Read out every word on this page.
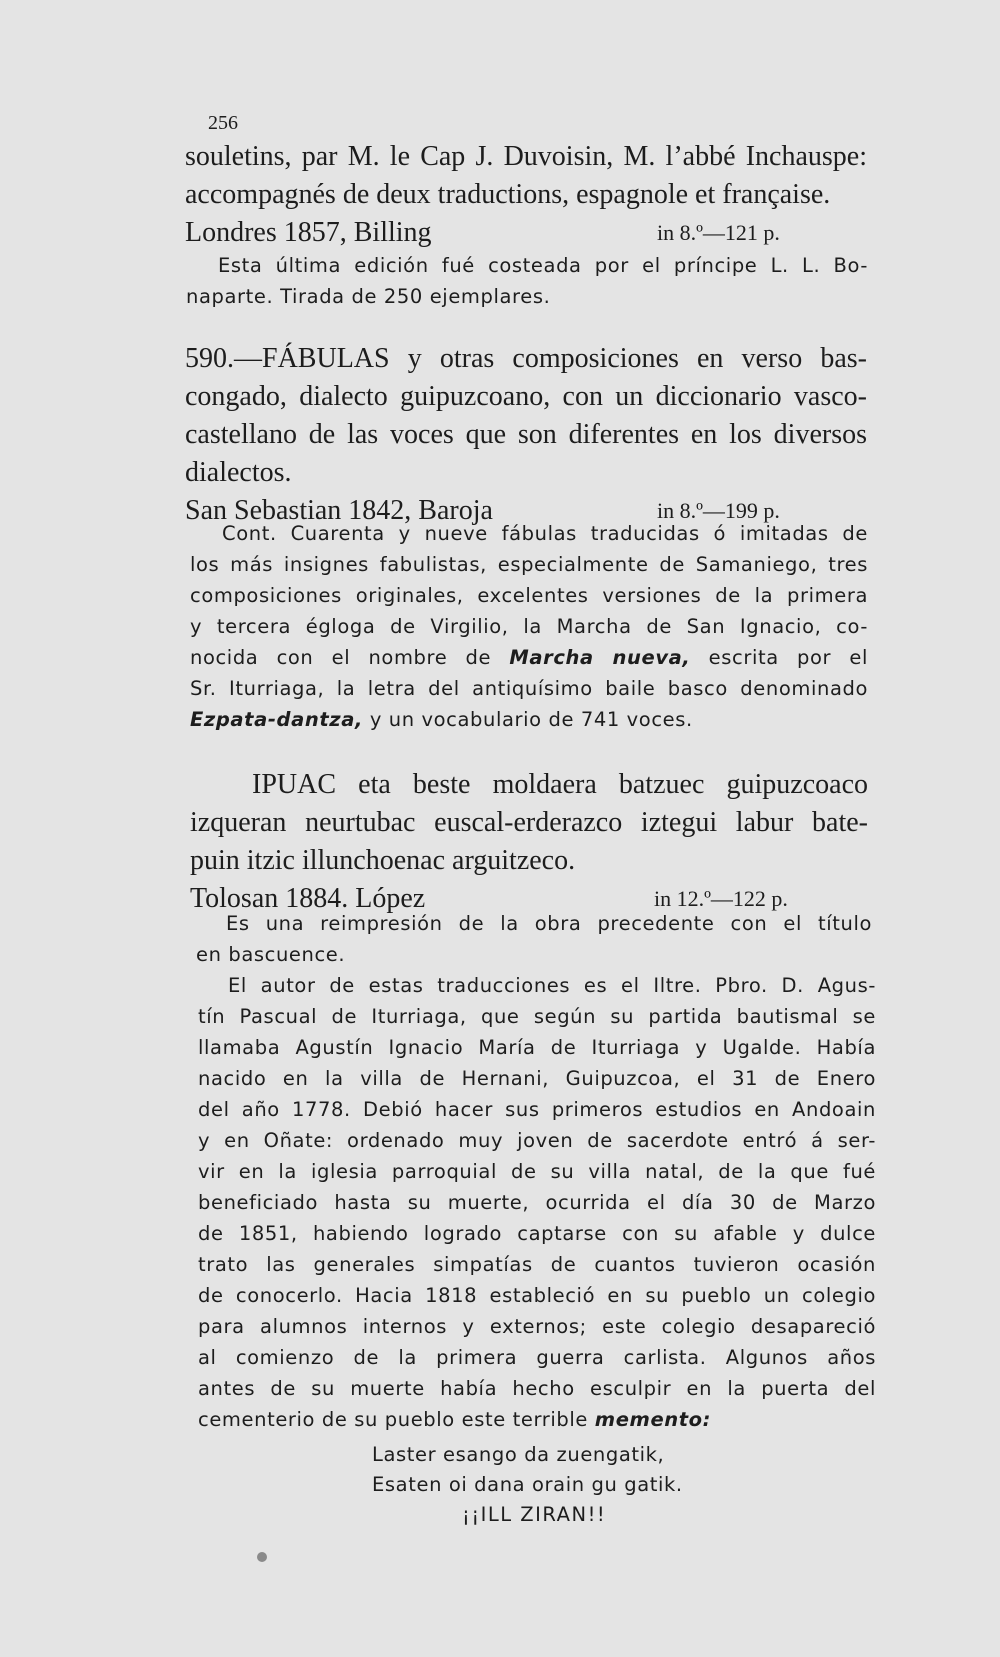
256
souletins, par M. le Cap J. Duvoisin, M. l’abbé Inchauspe:
accompagnés de deux traductions, espagnole et française.
Londres 1857, Billing	in 8.º—121 p.
Esta última edición fué costeada por el príncipe L. L. Bo-
naparte. Tirada de 250 ejemplares.
590.—FÁBULAS y otras composiciones en verso bas-
congado, dialecto guipuzcoano, con un diccionario vasco-
castellano de las voces que son diferentes en los diversos
dialectos.
San Sebastian 1842, Baroja	in 8.º—199 p.
Cont. Cuarenta y nueve fábulas traducidas ó imitadas de
los más insignes fabulistas, especialmente de Samaniego, tres
composiciones originales, excelentes versiones de la primera
y tercera égloga de Virgilio, la Marcha de San Ignacio, co-
nocida con el nombre de Marcha nueva, escrita por el
Sr. Iturriaga, la letra del antiquísimo baile basco denominado
Ezpata-dantza, y un vocabulario de 741 voces.
IPUAC eta beste moldaera batzuec guipuzcoaco
izqueran neurtubac euscal-erderazco iztegui labur bate-
puin itzic illunchoenac arguitzeco.
Tolosan 1884. López	in 12.º—122 p.
Es una reimpresión de la obra precedente con el título
en bascuence.
El autor de estas traducciones es el Iltre. Pbro. D. Agus-
tín Pascual de Iturriaga, que según su partida bautismal se
llamaba Agustín Ignacio María de Iturriaga y Ugalde. Había
nacido en la villa de Hernani, Guipuzcoa, el 31 de Enero
del año 1778. Debió hacer sus primeros estudios en Andoain
y en Oñate: ordenado muy joven de sacerdote entró á ser-
vir en la iglesia parroquial de su villa natal, de la que fué
beneficiado hasta su muerte, ocurrida el día 30 de Marzo
de 1851, habiendo logrado captarse con su afable y dulce
trato las generales simpatías de cuantos tuvieron ocasión
de conocerlo. Hacia 1818 estableció en su pueblo un colegio
para alumnos internos y externos; este colegio desapareció
al comienzo de la primera guerra carlista. Algunos años
antes de su muerte había hecho esculpir en la puerta del
cementerio de su pueblo este terrible memento:
Laster esango da zuengatik,
Esaten oi dana orain gu gatik.
¡¡ILL ZIRAN!!
